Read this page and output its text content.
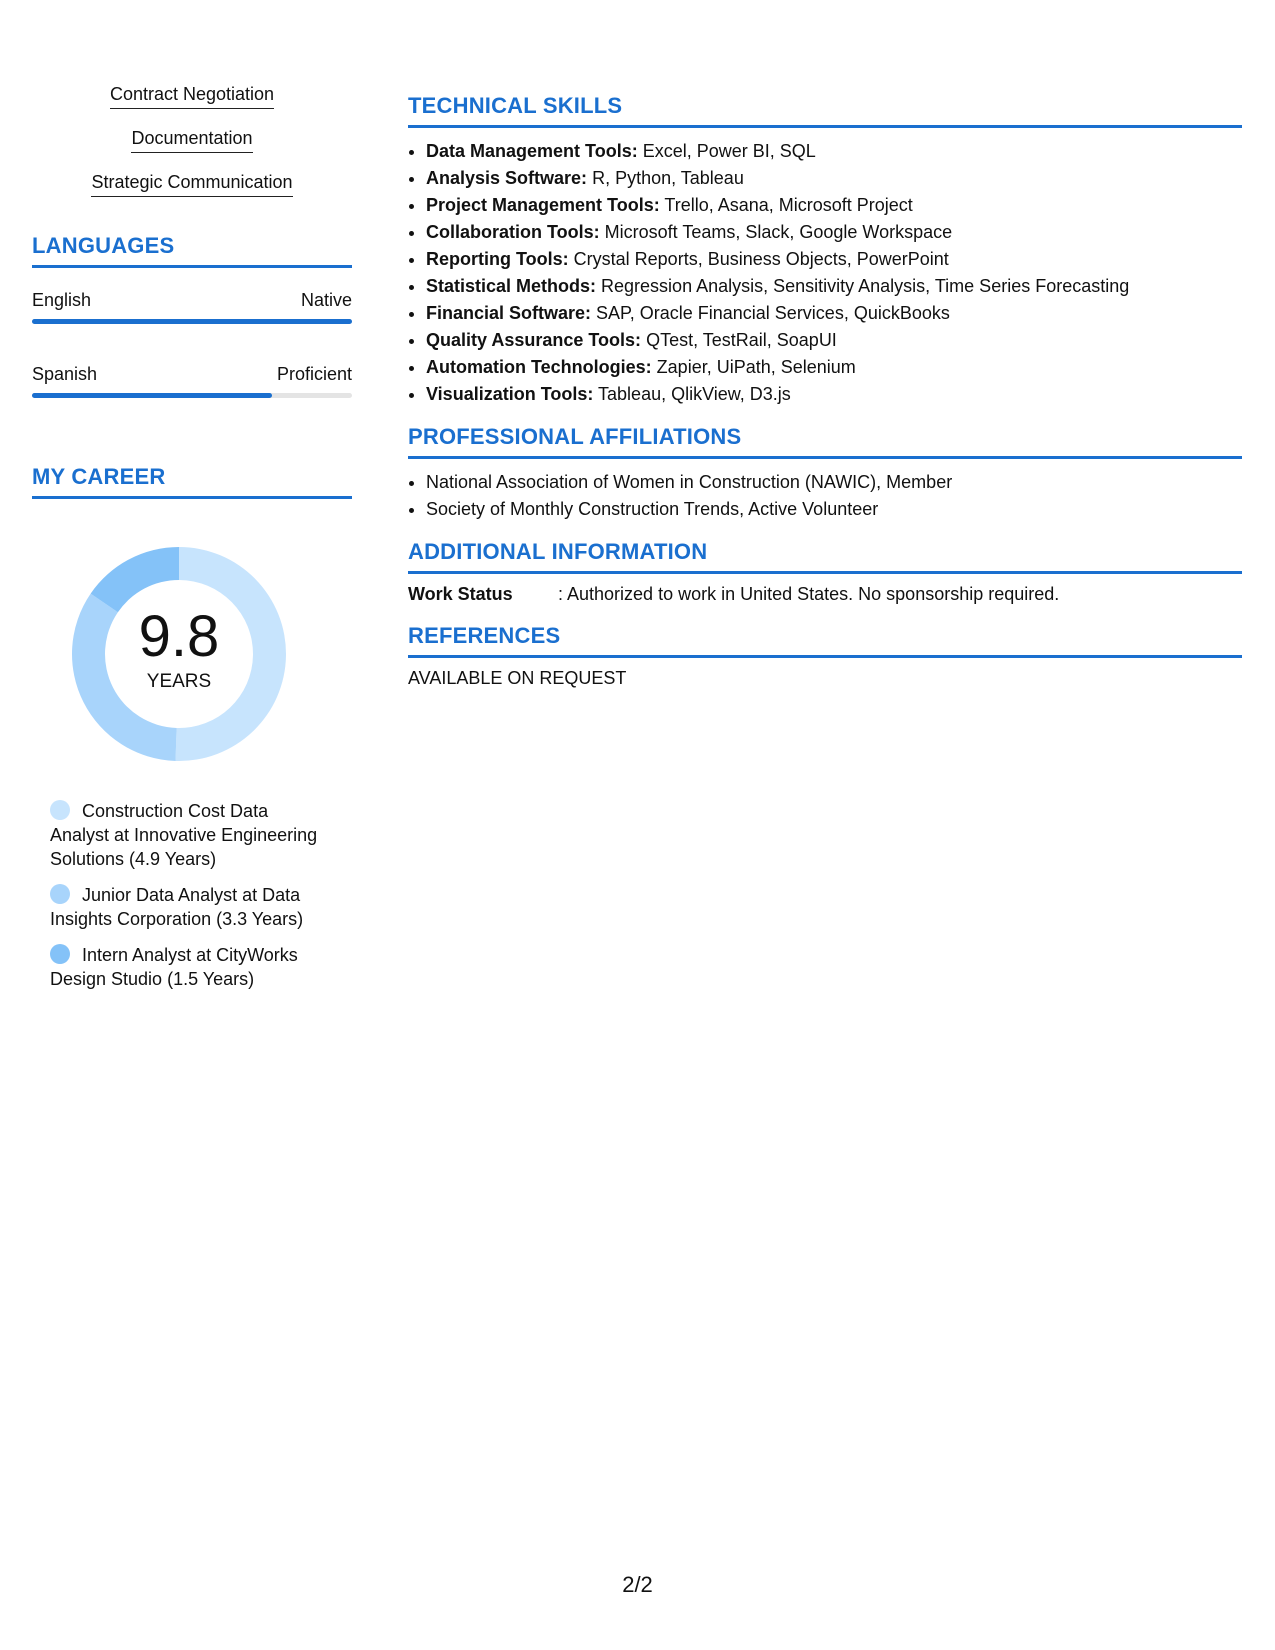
Contract Negotiation
Documentation
Strategic Communication
LANGUAGES
English	Native
Spanish	Proficient
MY CAREER
9.8
YEARS
Construction Cost Data Analyst at Innovative Engineering Solutions (4.9 Years)
Junior Data Analyst at Data Insights Corporation (3.3 Years)
Intern Analyst at CityWorks Design Studio (1.5 Years)
TECHNICAL SKILLS
• Data Management Tools: Excel, Power BI, SQL
• Analysis Software: R, Python, Tableau
• Project Management Tools: Trello, Asana, Microsoft Project
• Collaboration Tools: Microsoft Teams, Slack, Google Workspace
• Reporting Tools: Crystal Reports, Business Objects, PowerPoint
• Statistical Methods: Regression Analysis, Sensitivity Analysis, Time Series Forecasting
• Financial Software: SAP, Oracle Financial Services, QuickBooks
• Quality Assurance Tools: QTest, TestRail, SoapUI
• Automation Technologies: Zapier, UiPath, Selenium
• Visualization Tools: Tableau, QlikView, D3.js
PROFESSIONAL AFFILIATIONS
• National Association of Women in Construction (NAWIC), Member
• Society of Monthly Construction Trends, Active Volunteer
ADDITIONAL INFORMATION
Work Status	: Authorized to work in United States. No sponsorship required.
REFERENCES
AVAILABLE ON REQUEST
2/2
